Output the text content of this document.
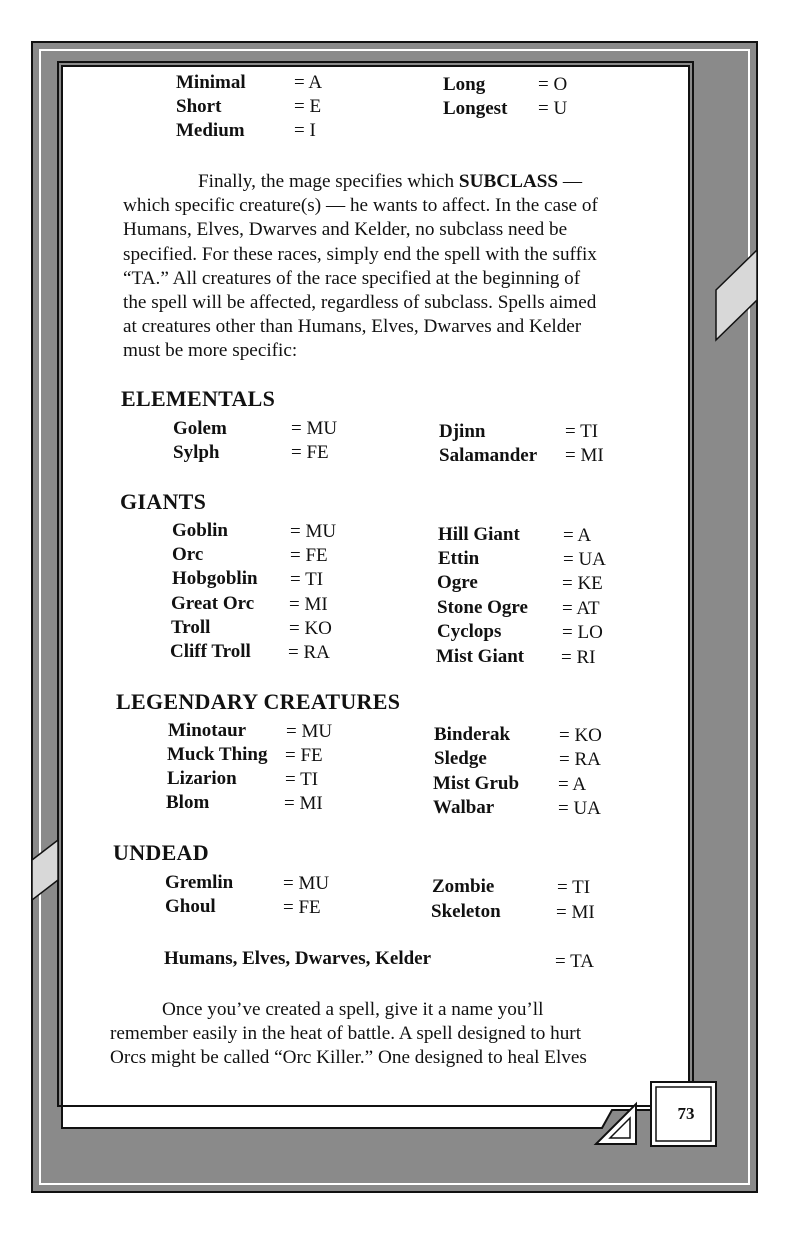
Minimal	= A
Short	= E
Medium	= I
Long	= O
Longest = U
Finally, the mage specifies which SUBCLASS —
which specific creature(s) — he wants to affect. In the case of
Humans, Elves, Dwarves and Kelder, no subclass need be
specified. For these races, simply end the spell with the suffix
“TA.” All creatures of the race specified at the beginning of
the spell will be affected, regardless of subclass. Spells aimed
at creatures other than Humans, Elves, Dwarves and Kelder
must be more specific:
ELEMENTALS
Golem	= MU
Sylph	= FE
Djinn	= TI
Salamander = MI
GIANTS
Goblin	= MU
Orc	= FE
Hobgoblin = TI
Great Orc = MI
Troll	= KO
Cliff Troll = RA
Hill Giant = A
Ettin	= UA
Ogre	= KE
Stone Ogre = AT
Cyclops	= LO
Mist Giant = RI
LEGENDARY CREATURES
Minotaur = MU
Muck Thing = FE
Lizarion	= TI
Blom	= MI
Binderak	= KO
Sledge	= RA
Mist Grub = A
Walbar	= UA
UNDEAD
Gremlin	= MU
Ghoul	= FE
Zombie	= TI
Skeleton	= MI
Humans, Elves, Dwarves, Kelder	= TA
Once you’ve created a spell, give it a name you’ll
remember easily in the heat of battle. A spell designed to hurt
Orcs might be called “Orc Killer.” One designed to heal Elves
73
